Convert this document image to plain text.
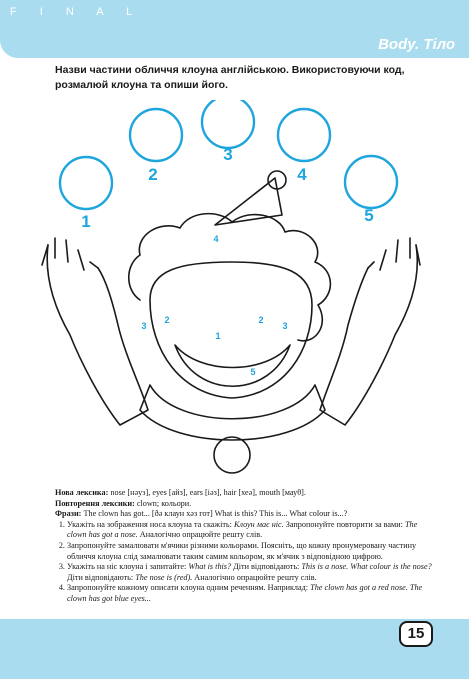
F I N A L
Body. Тіло
Назви частини обличчя клоуна англійською. Використовуючи код, розмалюй клоуна та опиши його.
1
2
3
4
5
4
2	2
3	3
1
5

Нова лексика: nose [нəуз], eyes [айз], ears [іəз], hair [хеə], mouth [мауθ].

Повторення лексики: clown; кольори.

Фрази: The clown has got... [ðə клаун хəз гот] What is this? This is... What colour is...?

1. Укажіть на зображення носа клоуна та скажіть: Клоун має ніс. Запропонуйте повторити за вами: The clown has got a nose. Аналогічно опрацюйте решту слів.
2. Запропонуйте замалювати м'ячики різними кольорами. Поясніть, що кожну пронумеровану частину обличчя клоуна слід замалювати таким самим кольором, як м'ячик з відповідною цифрою.
3. Укажіть на ніс клоуна і запитайте: What is this? Діти відповідають: This is a nose. What colour is the nose? Діти відповідають: The nose is (red). Аналогічно опрацюйте решту слів.
4. Запропонуйте кожному описати клоуна одним реченням. Наприклад: The clown has got a red nose. The clown has got blue eyes...
15
